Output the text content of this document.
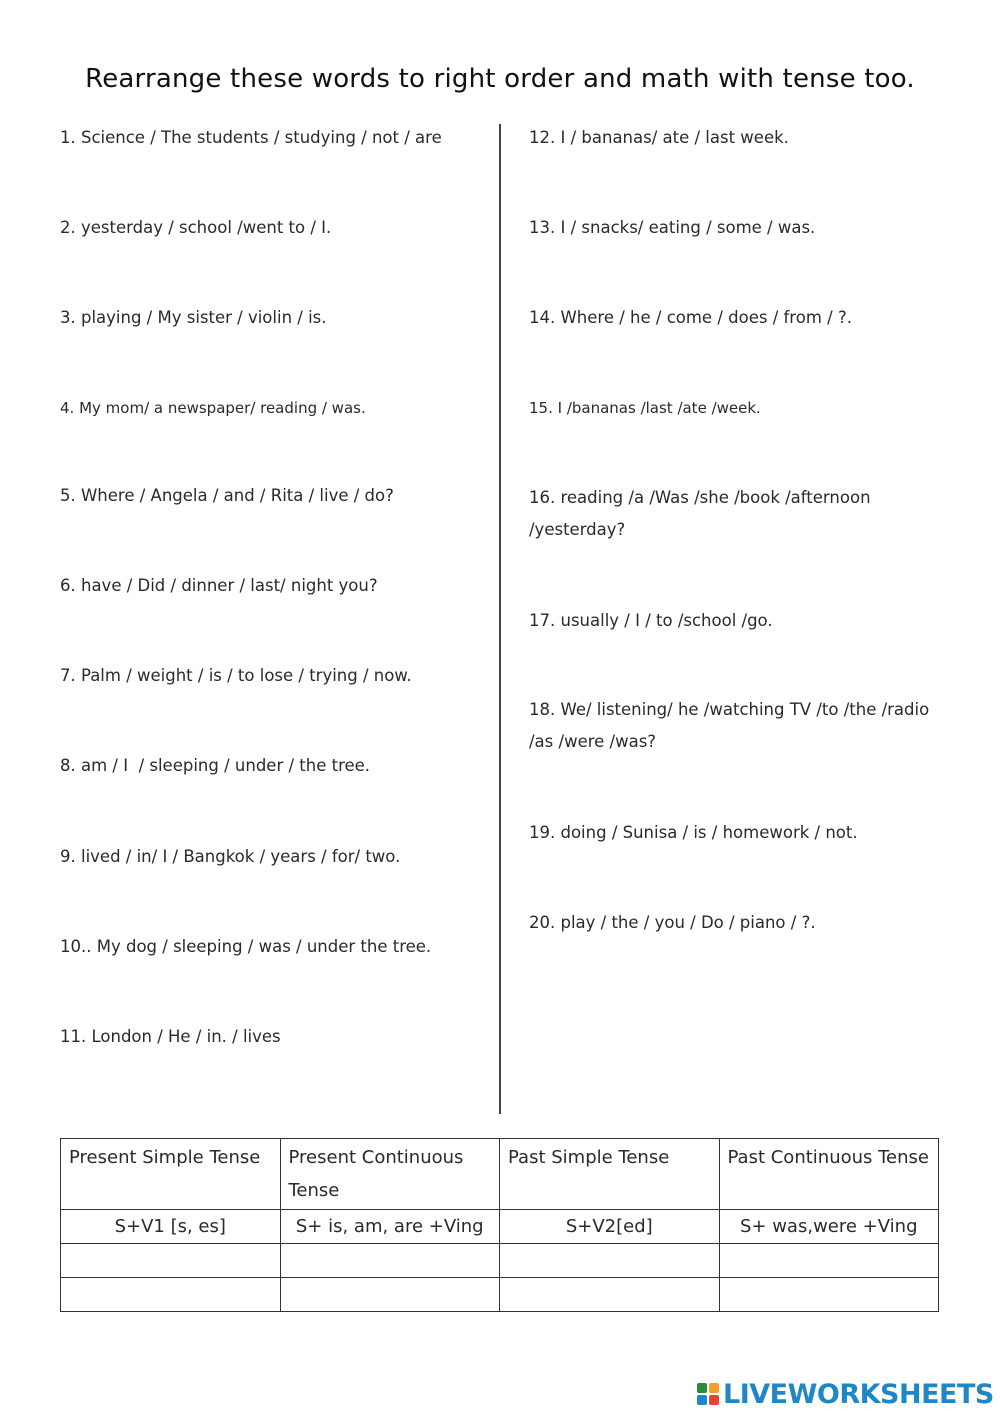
Rearrange these words to right order and math with tense too.
1. Science / The students / studying / not / are
2. yesterday / school /went to / I.
3. playing / My sister / violin / is.
4. My mom/ a newspaper/ reading / was.
5. Where / Angela / and / Rita / live / do?
6. have / Did / dinner / last/ night you?
7. Palm / weight / is / to lose / trying / now.
8. am / I  / sleeping / under / the tree.
9. lived / in/ I / Bangkok / years / for/ two.
10.. My dog / sleeping / was / under the tree.
11. London / He / in. / lives
12. I / bananas/ ate / last week.
13. I / snacks/ eating / some / was.
14. Where / he / come / does / from / ?.
15. I /bananas /last /ate /week.
16. reading /a /Was /she /book /afternoon /yesterday?
17. usually / I / to /school /go.
18. We/ listening/ he /watching TV /to /the /radio /as /were /was?
19. doing / Sunisa / is / homework / not.
20. play / the / you / Do / piano / ?.
Present Simple Tense	Present Continuous Tense	Past Simple Tense	Past Continuous Tense
S+V1 [s, es]	S+ is, am, are +Ving	S+V2[ed]	S+ was,were +Ving

LIVEWORKSHEETS
